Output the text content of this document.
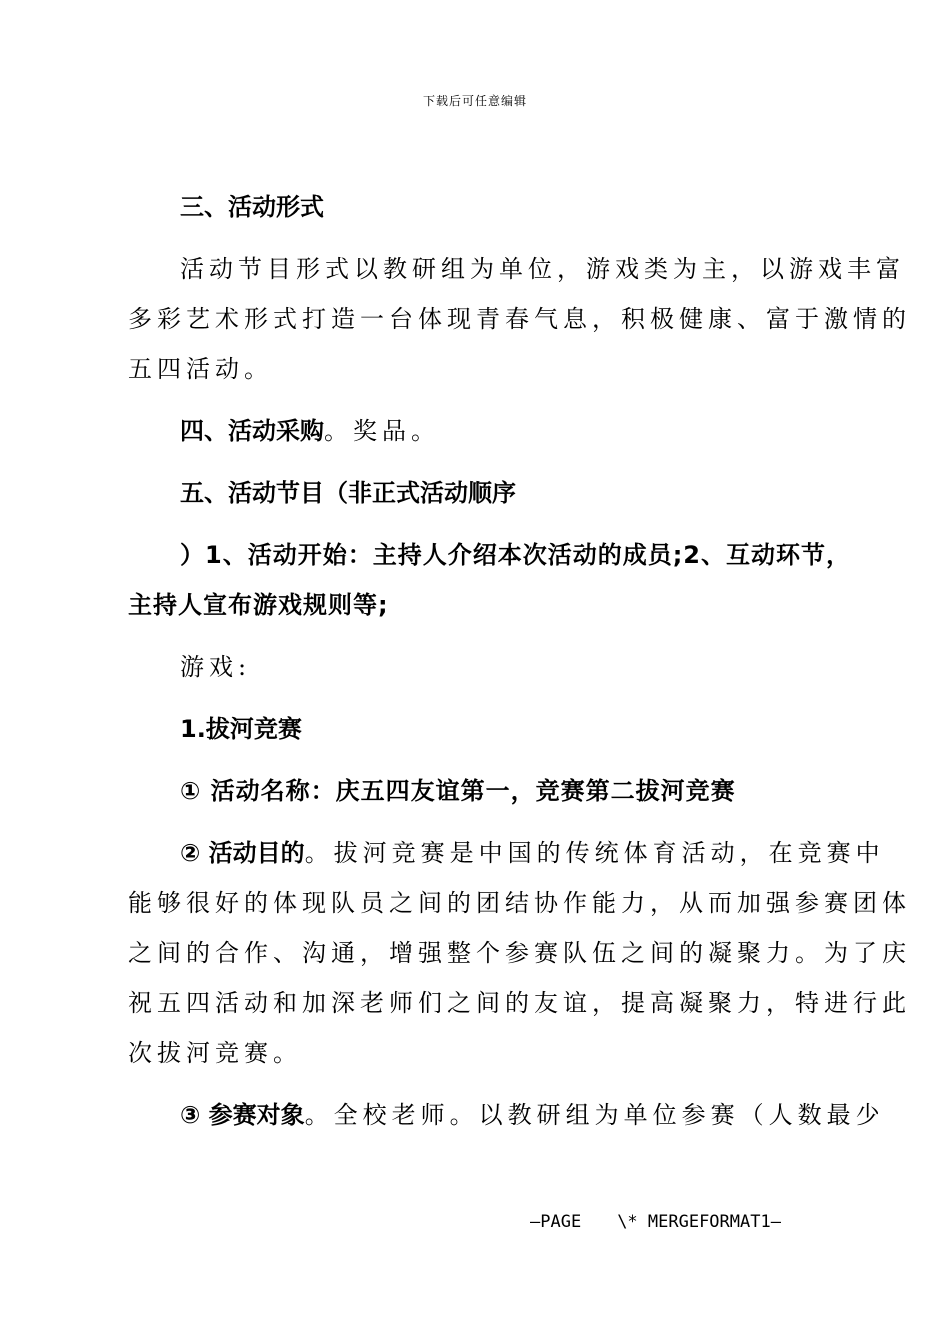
下载后可任意编辑
三、活动形式
活动节目形式以教研组为单位，游戏类为主，以游戏丰富
多彩艺术形式打造一台体现青春气息，积极健康、富于激情的
五四活动。
四、活动采购。奖品。
五、活动节目（非正式活动顺序
）1、活动开始：主持人介绍本次活动的成员;2、互动环节，
主持人宣布游戏规则等;
游戏:
1.拔河竞赛
① 活动名称：庆五四友谊第一，竞赛第二拔河竞赛
② 活动目的。拔河竞赛是中国的传统体育活动，在竞赛中
能够很好的体现队员之间的团结协作能力，从而加强参赛团体
之间的合作、沟通，增强整个参赛队伍之间的凝聚力。为了庆
祝五四活动和加深老师们之间的友谊，提高凝聚力，特进行此
次拔河竞赛。
③ 参赛对象。全校老师。以教研组为单位参赛（人数最少
—PAGE \* MERGEFORMAT1—
